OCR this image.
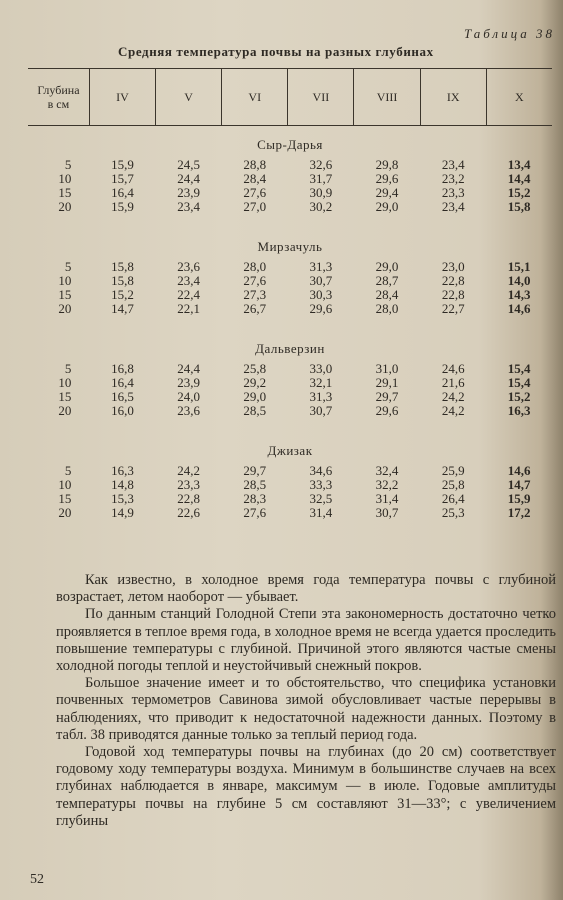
Таблица 38
Средняя температура почвы на разных глубинах
Глубина
в см	IV	V	VI	VII	VIII	IX	X
Сыр-Дарья							
5	15,9	24,5	28,8	32,6	29,8	23,4	13,4
10	15,7	24,4	28,4	31,7	29,6	23,2	14,4
15	16,4	23,9	27,6	30,9	29,4	23,3	15,2
20	15,9	23,4	27,0	30,2	29,0	23,4	15,8

Мирзачуль							
5	15,8	23,6	28,0	31,3	29,0	23,0	15,1
10	15,8	23,4	27,6	30,7	28,7	22,8	14,0
15	15,2	22,4	27,3	30,3	28,4	22,8	14,3
20	14,7	22,1	26,7	29,6	28,0	22,7	14,6

Дальверзин							
5	16,8	24,4	25,8	33,0	31,0	24,6	15,4
10	16,4	23,9	29,2	32,1	29,1	21,6	15,4
15	16,5	24,0	29,0	31,3	29,7	24,2	15,2
20	16,0	23,6	28,5	30,7	29,6	24,2	16,3

Джизак							
5	16,3	24,2	29,7	34,6	32,4	25,9	14,6
10	14,8	23,3	28,5	33,3	32,2	25,8	14,7
15	15,3	22,8	28,3	32,5	31,4	26,4	15,9
20	14,9	22,6	27,6	31,4	30,7	25,3	17,2

Как известно, в холодное время года температура почвы с глубиной возрастает, летом наоборот — убывает.

По данным станций Голодной Степи эта закономерность достаточно четко проявляется в теплое время года, в холодное время не всегда удается проследить повышение температуры с глубиной. Причиной этого являются частые смены холодной погоды теплой и неустойчивый снежный покров.

Большое значение имеет и то обстоятельство, что специфика установки почвенных термометров Савинова зимой обусловливает частые перерывы в наблюдениях, что приводит к недостаточной надежности данных. Поэтому в табл. 38 приводятся данные только за теплый период года.

Годовой ход температуры почвы на глубинах (до 20 см) соответствует годовому ходу температуры воздуха. Минимум в большинстве случаев на всех глубинах наблюдается в январе, максимум — в июле. Годовые амплитуды температуры почвы на глубине 5 см составляют 31—33°; с увеличением глубины

52
